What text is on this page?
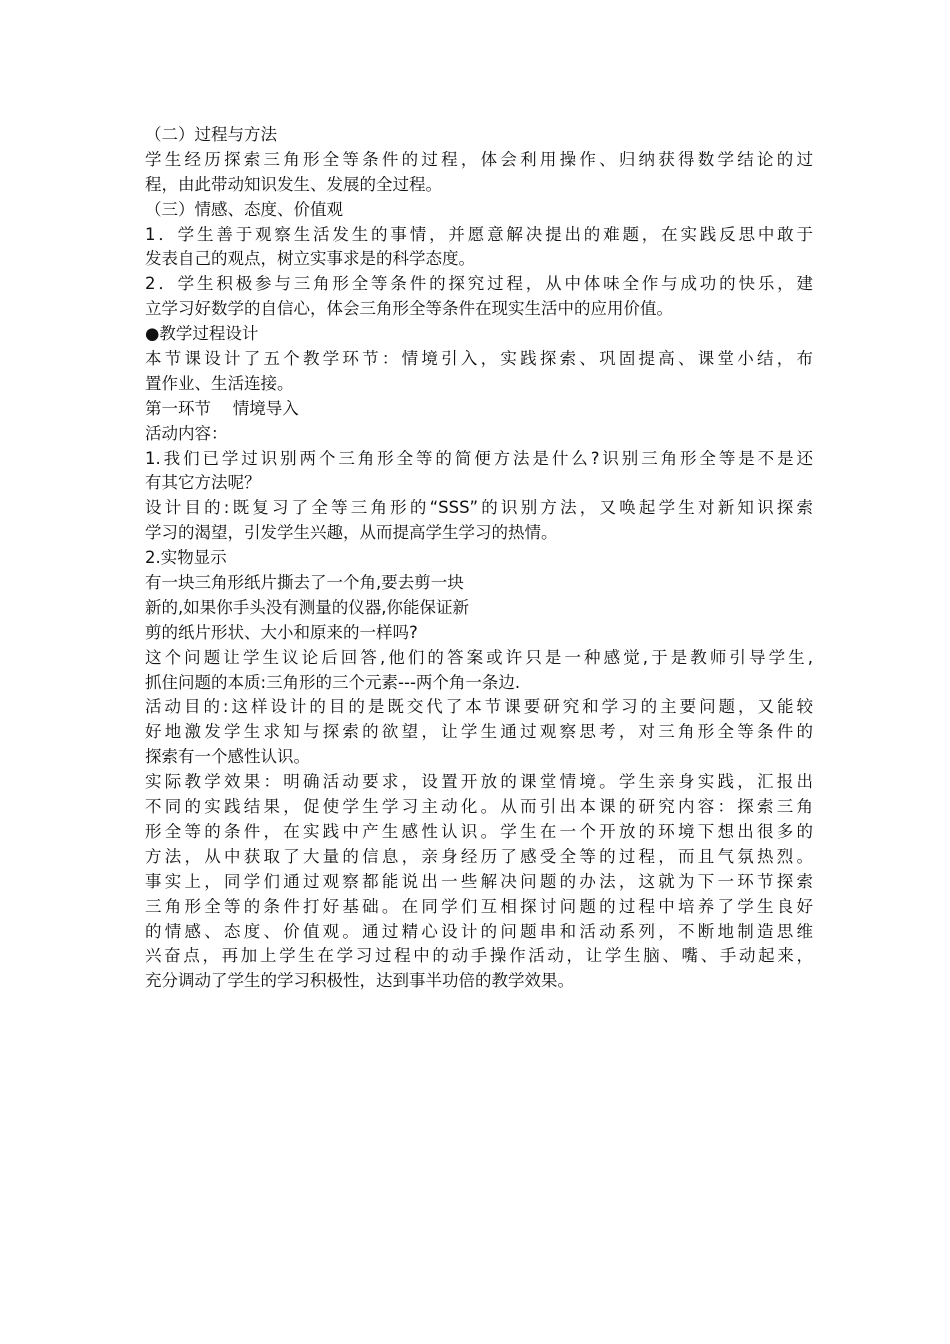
（二）过程与方法
学生经历探索三角形全等条件的过程，体会利用操作、归纳获得数学结论的过
程，由此带动知识发生、发展的全过程。
（三）情感、态度、价值观
1．学生善于观察生活发生的事情，并愿意解决提出的难题，在实践反思中敢于
发表自己的观点，树立实事求是的科学态度。
2．学生积极参与三角形全等条件的探究过程，从中体味全作与成功的快乐，建
立学习好数学的自信心，体会三角形全等条件在现实生活中的应用价值。
●教学过程设计
本节课设计了五个教学环节：情境引入，实践探索、巩固提高、课堂小结，布
置作业、生活连接。
第一环节　 情境导入
活动内容：
1.我们已学过识别两个三角形全等的简便方法是什么?识别三角形全等是不是还
有其它方法呢？
设计目的:既复习了全等三角形的“SSS”的识别方法，又唤起学生对新知识探索
学习的渴望，引发学生兴趣，从而提高学生学习的热情。
2.实物显示
有一块三角形纸片撕去了一个角,要去剪一块
新的,如果你手头没有测量的仪器,你能保证新
剪的纸片形状、大小和原来的一样吗?
这个问题让学生议论后回答,他们的答案或许只是一种感觉,于是教师引导学生,
抓住问题的本质:三角形的三个元素---两个角一条边.
活动目的:这样设计的目的是既交代了本节课要研究和学习的主要问题，又能较
好地激发学生求知与探索的欲望，让学生通过观察思考，对三角形全等条件的
探索有一个感性认识。
实际教学效果：明确活动要求，设置开放的课堂情境。学生亲身实践，汇报出
不同的实践结果，促使学生学习主动化。从而引出本课的研究内容：探索三角
形全等的条件，在实践中产生感性认识。学生在一个开放的环境下想出很多的
方法，从中获取了大量的信息，亲身经历了感受全等的过程，而且气氛热烈。
事实上，同学们通过观察都能说出一些解决问题的办法，这就为下一环节探索
三角形全等的条件打好基础。在同学们互相探讨问题的过程中培养了学生良好
的情感、态度、价值观。通过精心设计的问题串和活动系列，不断地制造思维
兴奋点，再加上学生在学习过程中的动手操作活动，让学生脑、嘴、手动起来，
充分调动了学生的学习积极性，达到事半功倍的教学效果。
